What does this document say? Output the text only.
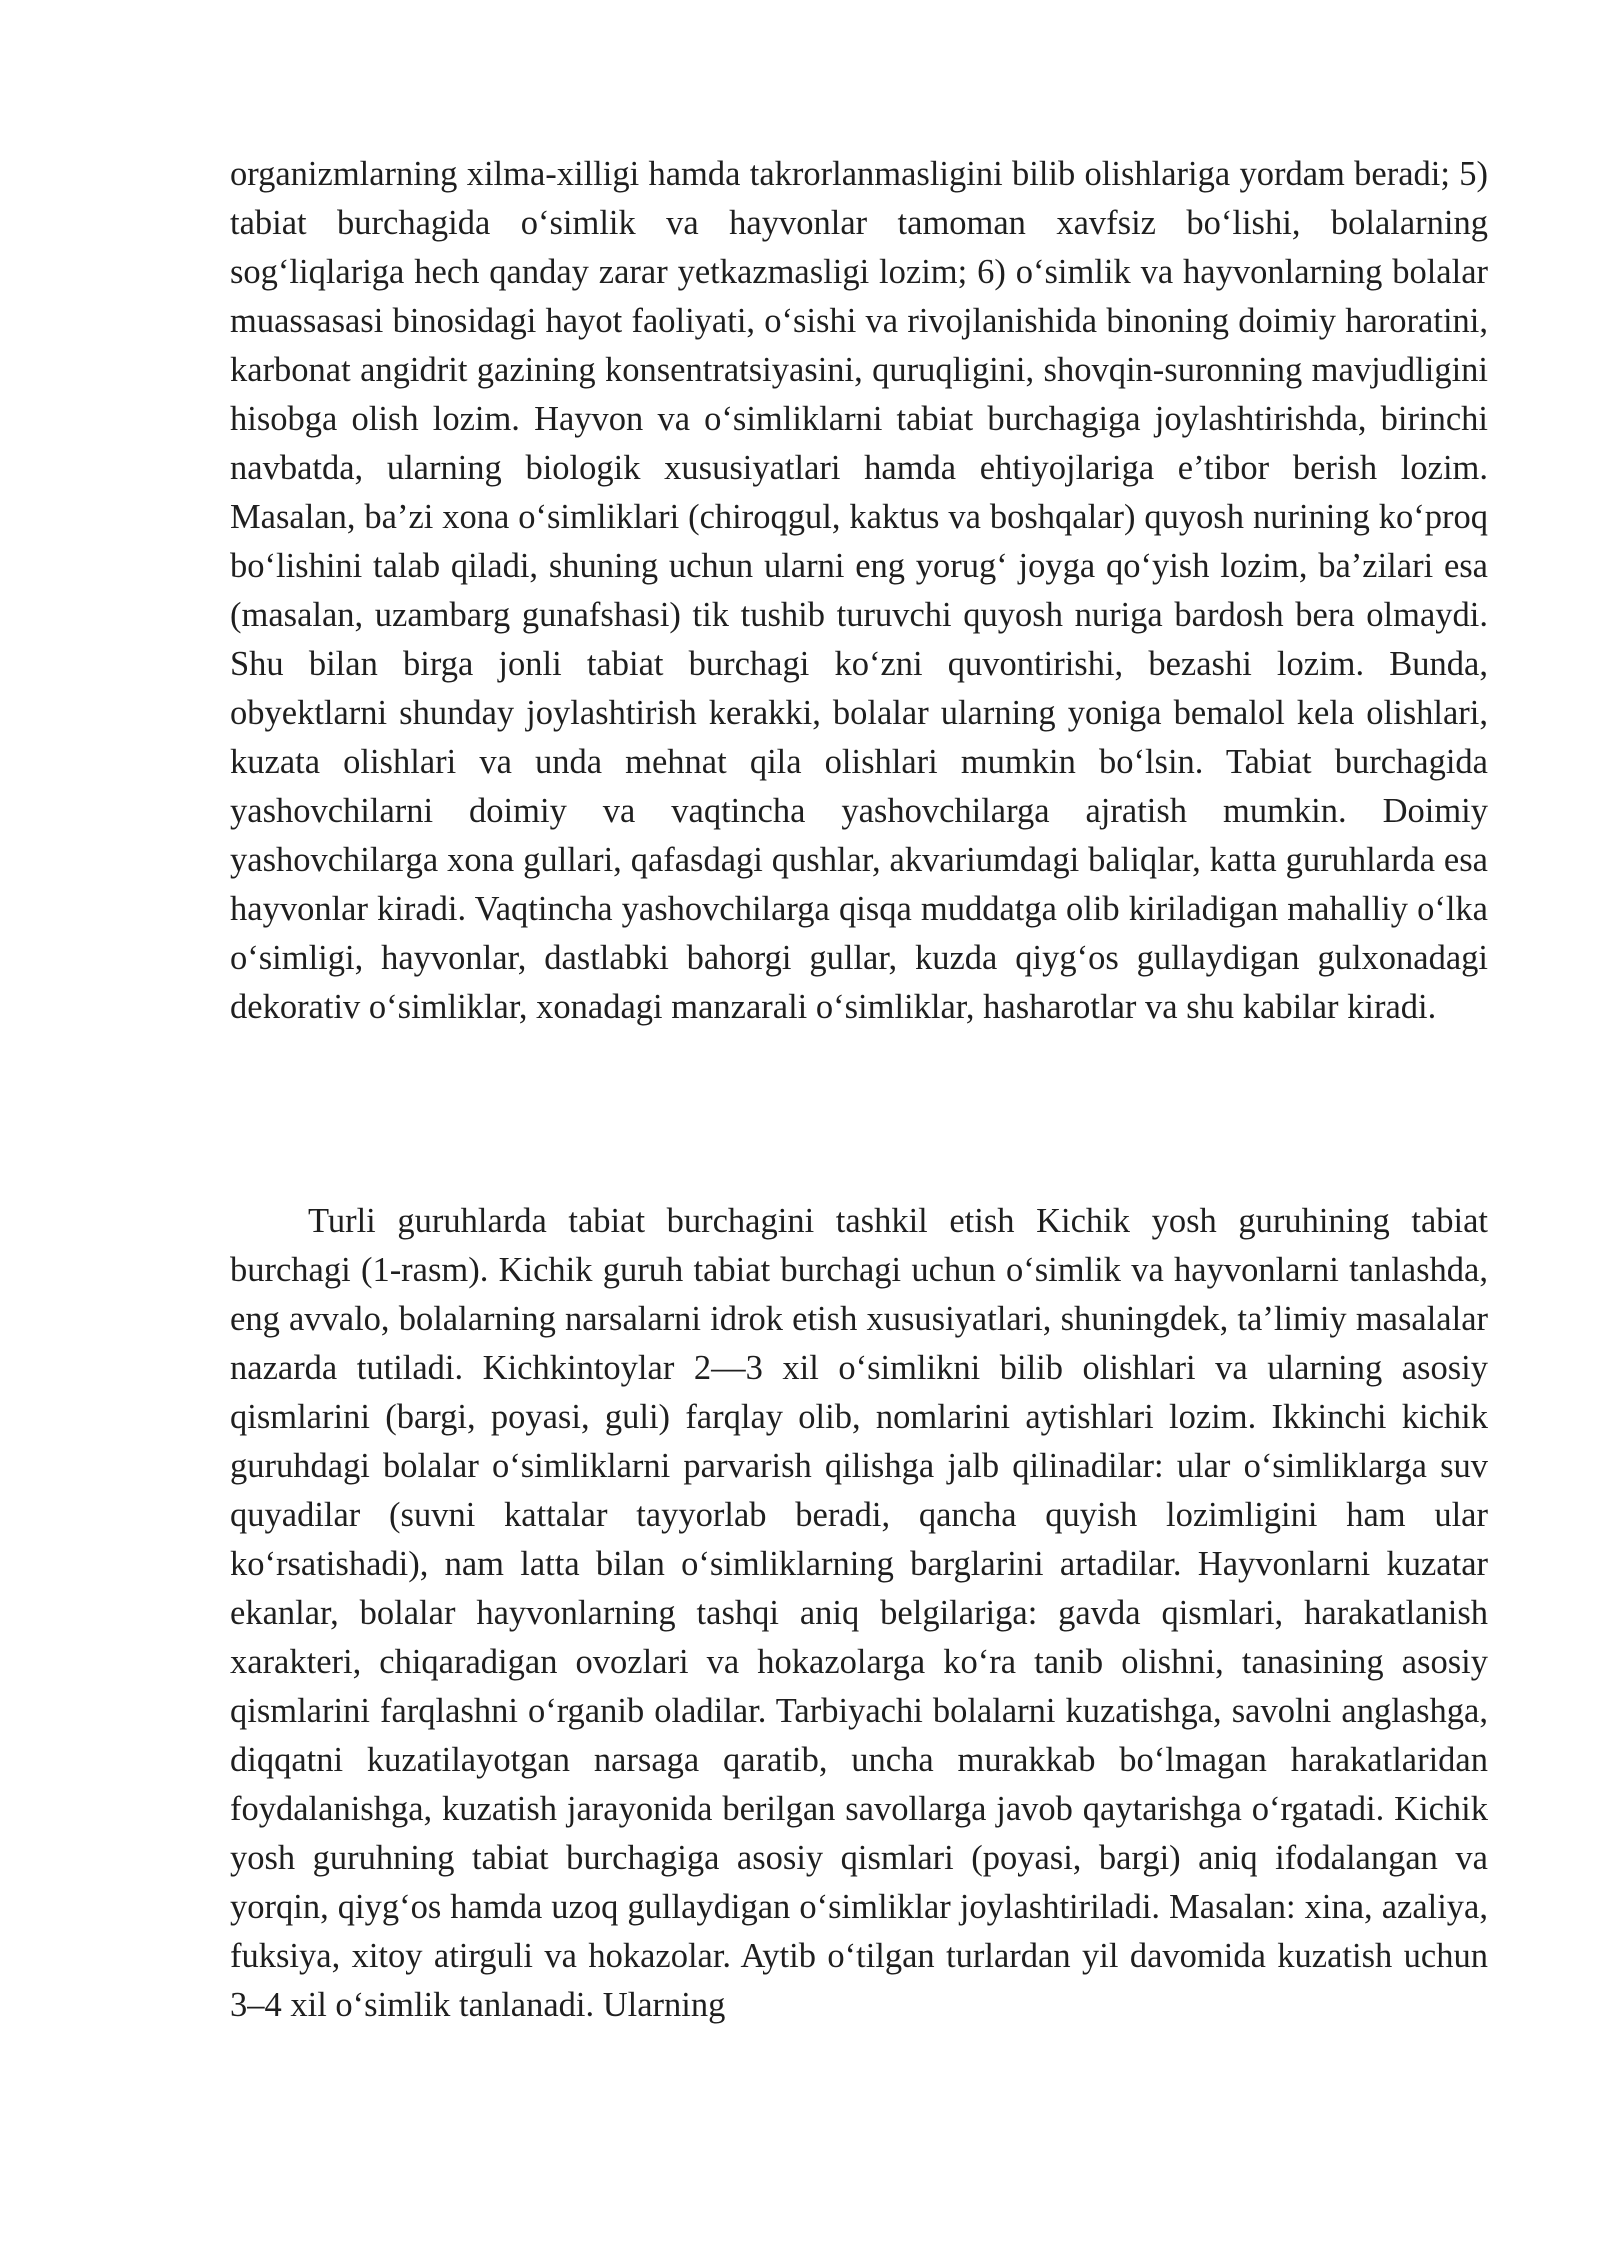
organizmlarning xilma-xilligi hamda takrorlanmasligini bilib olishlariga yordam beradi; 5) tabiat burchagida o‘simlik va hayvonlar tamoman xavfsiz bo‘lishi, bolalarning sog‘liqlariga hech qanday zarar yetkazmasligi lozim; 6) o‘simlik va hayvonlarning bolalar muassasasi binosidagi hayot faoliyati, o‘sishi va rivojlanishida binoning doimiy haroratini, karbonat angidrit gazining konsentratsiyasini, quruqligini, shovqin-suronning mavjudligini hisobga olish lozim. Hayvon va o‘simliklarni tabiat burchagiga joylashtirishda, birinchi navbatda, ularning biologik xususiyatlari hamda ehtiyojlariga e’tibor berish lozim. Masalan, ba’zi xona o‘simliklari (chiroqgul, kaktus va boshqalar) quyosh nurining ko‘proq bo‘lishini talab qiladi, shuning uchun ularni eng yorug‘ joyga qo‘yish lozim, ba’zilari esa (masalan, uzambarg gunafshasi) tik tushib turuvchi quyosh nuriga bardosh bera olmaydi. Shu bilan birga jonli tabiat burchagi ko‘zni quvontirishi, bezashi lozim. Bunda, obyektlarni shunday joylashtirish kerakki, bolalar ularning yoniga bemalol kela olishlari, kuzata olishlari va unda mehnat qila olishlari mumkin bo‘lsin. Tabiat burchagida yashovchilarni doimiy va vaqtincha yashovchilarga ajratish mumkin. Doimiy yashovchilarga xona gullari, qafasdagi qushlar, akvariumdagi baliqlar, katta guruhlarda esa hayvonlar kiradi. Vaqtincha yashovchilarga qisqa muddatga olib kiriladigan mahalliy o‘lka o‘simligi, hayvonlar, dastlabki bahorgi gullar, kuzda qiyg‘os gullaydigan gulxonadagi dekorativ o‘simliklar, xonadagi manzarali o‘simliklar, hasharotlar va shu kabilar kiradi.

Turli guruhlarda tabiat burchagini tashkil etish Kichik yosh guruhining tabiat burchagi (1-rasm). Kichik guruh tabiat burchagi uchun o‘simlik va hayvonlarni tanlashda, eng avvalo, bolalarning narsalarni idrok etish xususiyatlari, shuningdek, ta’limiy masalalar nazarda tutiladi. Kichkintoylar 2—3 xil o‘simlikni bilib olishlari va ularning asosiy qismlarini (bargi, poyasi, guli) farqlay olib, nomlarini aytishlari lozim. Ikkinchi kichik guruhdagi bolalar o‘simliklarni parvarish qilishga jalb qilinadilar: ular o‘simliklarga suv quyadilar (suvni kattalar tayyorlab beradi, qancha quyish lozimligini ham ular ko‘rsatishadi), nam latta bilan o‘simliklarning barglarini artadilar. Hayvonlarni kuzatar ekanlar, bolalar hayvonlarning tashqi aniq belgilariga: gavda qismlari, harakatlanish xarakteri, chiqaradigan ovozlari va hokazolarga ko‘ra tanib olishni, tanasining asosiy qismlarini farqlashni o‘rganib oladilar. Tarbiyachi bolalarni kuzatishga, savolni anglashga, diqqatni kuzatilayotgan narsaga qaratib, uncha murakkab bo‘lmagan harakatlaridan foydalanishga, kuzatish jarayonida berilgan savollarga javob qaytarishga o‘rgatadi. Kichik yosh guruhning tabiat burchagiga asosiy qismlari (poyasi, bargi) aniq ifodalangan va yorqin, qiyg‘os hamda uzoq gullaydigan o‘simliklar joylashtiriladi. Masalan: xina, azaliya, fuksiya, xitoy atirguli va hokazolar. Aytib o‘tilgan turlardan yil davomida kuzatish uchun 3–4 xil o‘simlik tanlanadi. Ularning
